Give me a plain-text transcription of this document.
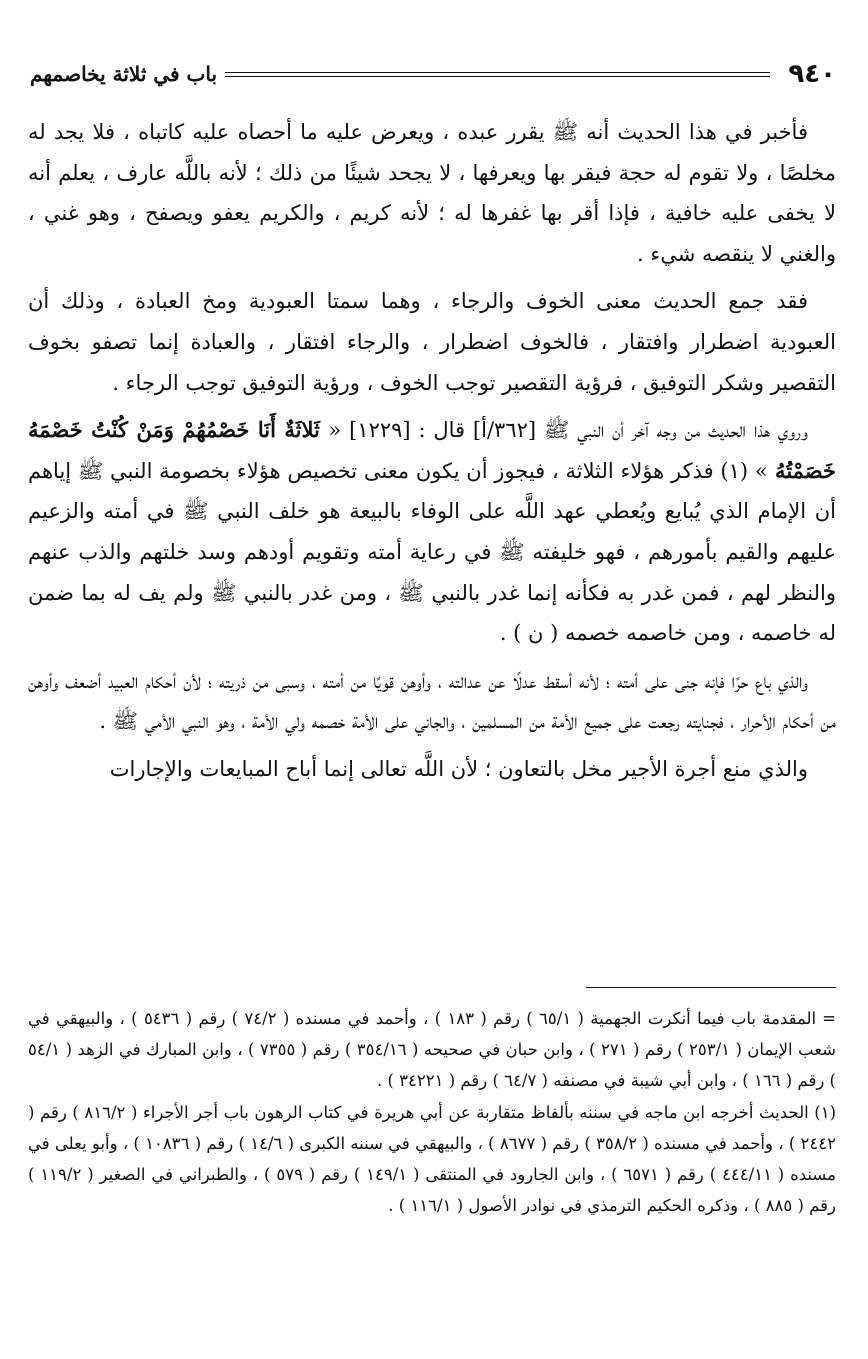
٩٤٠
باب في ثلاثة يخاصمهم

فأخبر في هذا الحديث أنه ﷺ يقرر عبده ، ويعرض عليه ما أحصاه عليه كاتباه ، فلا يجد له مخلصًا ، ولا تقوم له حجة فيقر بها ويعرفها ، لا يجحد شيئًا من ذلك ؛ لأنه باللَّه عارف ، يعلم أنه لا يخفى عليه خافية ، فإذا أقر بها غفرها له ؛ لأنه كريم ، والكريم يعفو ويصفح ، وهو غني ، والغني لا ينقصه شيء .

فقد جمع الحديث معنى الخوف والرجاء ، وهما سمتا العبودية ومخ العبادة ، وذلك أن العبودية اضطرار وافتقار ، فالخوف اضطرار ، والرجاء افتقار ، والعبادة إنما تصفو بخوف التقصير وشكر التوفيق ، فرؤية التقصير توجب الخوف ، ورؤية التوفيق توجب الرجاء .

وروي هذا الحديث من وجه آخر أن النبي ﷺ [٣٦٢/أ] قال : [١٢٢٩] « ثَلاثَةٌ أَنَا خَصْمُهُمْ وَمَنْ كُنْتُ خَصْمَهُ خَصَمْتُهُ » (١) فذكر هؤلاء الثلاثة ، فيجوز أن يكون معنى تخصيص هؤلاء بخصومة النبي ﷺ إياهم أن الإمام الذي يُبايع ويُعطي عهد اللَّه على الوفاء بالبيعة هو خلف النبي ﷺ في أمته والزعيم عليهم والقيم بأمورهم ، فهو خليفته ﷺ في رعاية أمته وتقويم أودهم وسد خلتهم والذب عنهم والنظر لهم ، فمن غدر به فكأنه إنما غدر بالنبي ﷺ ، ومن غدر بالنبي ﷺ ولم يف له بما ضمن له خاصمه ، ومن خاصمه خصمه ( ن ) .

والذي باع حرًا فإنه جنى على أمته ؛ لأنه أسقط عدلًا عن عدالته ، وأوهن قويًا من أمته ، وسبى من ذريته ؛ لأن أحكام العبيد أضعف وأوهن من أحكام الأحرار ، فجنايته رجعت على جميع الأمة من المسلمين ، والجاني على الأمة خصمه ولي الأمة ، وهو النبي الأمي ﷺ .

والذي منع أجرة الأجير مخل بالتعاون ؛ لأن اللَّه تعالى إنما أباح المبايعات والإجارات

=المقدمة باب فيما أنكرت الجهمية ( ٦٥/١ ) رقم ( ١٨٣ ) ، وأحمد في مسنده ( ٧٤/٢ ) رقم ( ٥٤٣٦ ) ، والبيهقي في شعب الإيمان ( ٢٥٣/١ ) رقم ( ٢٧١ ) ، وابن حبان في صحيحه ( ٣٥٤/١٦ ) رقم ( ٧٣٥٥ ) ، وابن المبارك في الزهد ( ٥٤/١ ) رقم ( ١٦٦ ) ، وابن أبي شيبة في مصنفه ( ٦٤/٧ ) رقم ( ٣٤٢٢١ ) .

(١) الحديث أخرجه ابن ماجه في سننه بألفاظ متقاربة عن أبي هريرة في كتاب الرهون باب أجر الأجراء ( ٨١٦/٢ ) رقم ( ٢٤٤٢ ) ، وأحمد في مسنده ( ٣٥٨/٢ ) رقم ( ٨٦٧٧ ) ، والبيهقي في سننه الكبرى ( ١٤/٦ ) رقم ( ١٠٨٣٦ ) ، وأبو يعلى في مسنده ( ٤٤٤/١١ ) رقم ( ٦٥٧١ ) ، وابن الجارود في المنتقى ( ١٤٩/١ ) رقم ( ٥٧٩ ) ، والطبراني في الصغير ( ١١٩/٢ ) رقم ( ٨٨٥ ) ، وذكره الحكيم الترمذي في نوادر الأصول ( ١١٦/١ ) .
